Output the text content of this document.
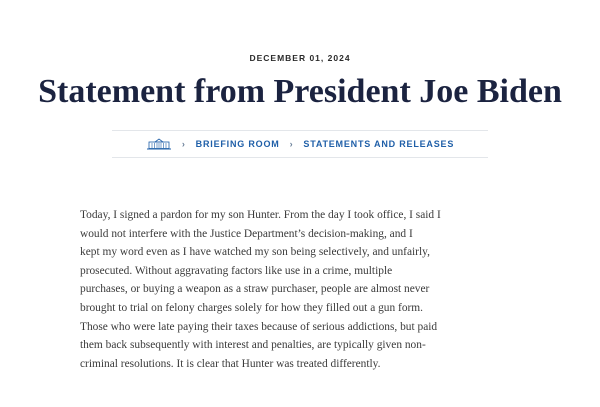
DECEMBER 01, 2024
Statement from President Joe Biden
› BRIEFING ROOM › STATEMENTS AND RELEASES
Today, I signed a pardon for my son Hunter. From the day I took office, I said I
would not interfere with the Justice Department’s decision-making, and I
kept my word even as I have watched my son being selectively, and unfairly,
prosecuted. Without aggravating factors like use in a crime, multiple
purchases, or buying a weapon as a straw purchaser, people are almost never
brought to trial on felony charges solely for how they filled out a gun form.
Those who were late paying their taxes because of serious addictions, but paid
them back subsequently with interest and penalties, are typically given non-
criminal resolutions. It is clear that Hunter was treated differently.
